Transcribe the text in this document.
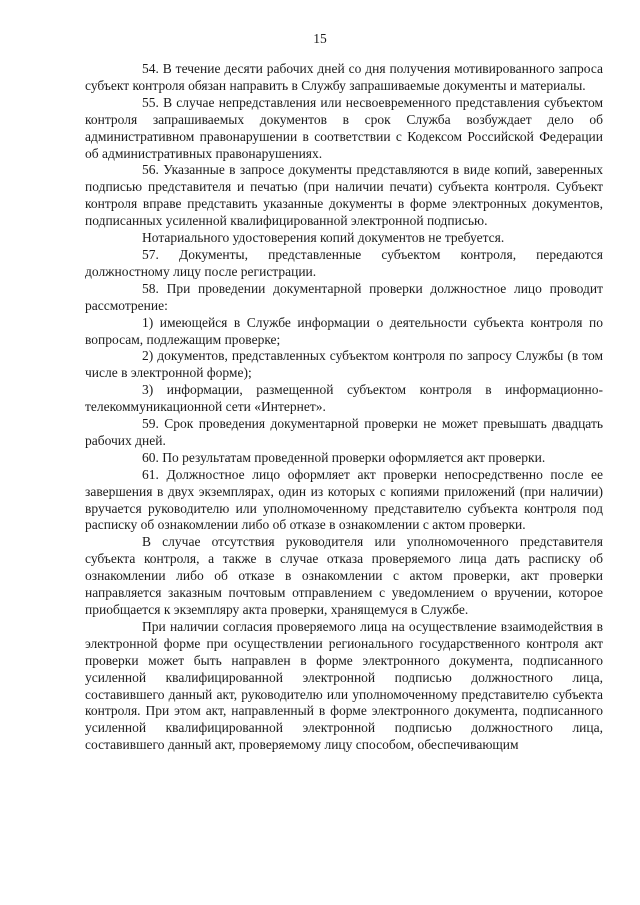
15

54. В течение десяти рабочих дней со дня получения мотивированного запроса субъект контроля обязан направить в Службу запрашиваемые документы и материалы.

55. В случае непредставления или несвоевременного представления субъектом контроля запрашиваемых документов в срок Служба возбуждает дело об административном правонарушении в соответствии с Кодексом Российской Федерации об административных правонарушениях.

56. Указанные в запросе документы представляются в виде копий, заверенных подписью представителя и печатью (при наличии печати) субъекта контроля. Субъект контроля вправе представить указанные документы в форме электронных документов, подписанных усиленной квалифицированной электронной подписью.

Нотариального удостоверения копий документов не требуется.

57. Документы, представленные субъектом контроля, передаются должностному лицу после регистрации.

58. При проведении документарной проверки должностное лицо проводит рассмотрение:

1) имеющейся в Службе информации о деятельности субъекта контроля по вопросам, подлежащим проверке;

2) документов, представленных субъектом контроля по запросу Службы (в том числе в электронной форме);

3) информации, размещенной субъектом контроля в информационно-телекоммуникационной сети «Интернет».

59. Срок проведения документарной проверки не может превышать двадцать рабочих дней.

60. По результатам проведенной проверки оформляется акт проверки.

61. Должностное лицо оформляет акт проверки непосредственно после ее завершения в двух экземплярах, один из которых с копиями приложений (при наличии) вручается руководителю или уполномоченному представителю субъекта контроля под расписку об ознакомлении либо об отказе в ознакомлении с актом проверки.

В случае отсутствия руководителя или уполномоченного представителя субъекта контроля, а также в случае отказа проверяемого лица дать расписку об ознакомлении либо об отказе в ознакомлении с актом проверки, акт проверки направляется заказным почтовым отправлением с уведомлением о вручении, которое приобщается к экземпляру акта проверки, хранящемуся в Службе.

При наличии согласия проверяемого лица на осуществление взаимодействия в электронной форме при осуществлении регионального государственного контроля акт проверки может быть направлен в форме электронного документа, подписанного усиленной квалифицированной электронной подписью должностного лица, составившего данный акт, руководителю или уполномоченному представителю субъекта контроля. При этом акт, направленный в форме электронного документа, подписанного усиленной квалифицированной электронной подписью должностного лица, составившего данный акт, проверяемому лицу способом, обеспечивающим
